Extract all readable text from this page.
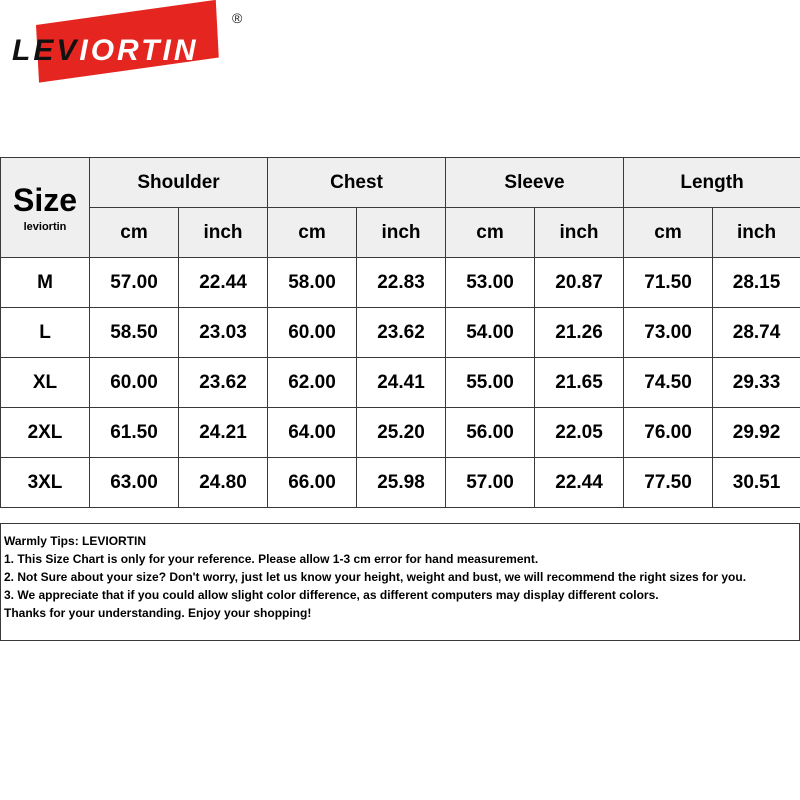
LEVIORTIN
®
Size
leviortin	Shoulder		Chest		Sleeve		Length	
	cm	inch	cm	inch	cm	inch	cm	inch
M	57.00	22.44	58.00	22.83	53.00	20.87	71.50	28.15
L	58.50	23.03	60.00	23.62	54.00	21.26	73.00	28.74
XL	60.00	23.62	62.00	24.41	55.00	21.65	74.50	29.33
2XL	61.50	24.21	64.00	25.20	56.00	22.05	76.00	29.92
3XL	63.00	24.80	66.00	25.98	57.00	22.44	77.50	30.51

Warmly Tips: LEVIORTIN

1. This Size Chart is only for your reference. Please allow 1-3 cm error for hand measurement.

2. Not Sure about your size? Don't worry, just let us know your height, weight and bust, we will recommend the right sizes for you.

3. We appreciate that if you could allow slight color difference, as different computers may display different colors.

Thanks for your understanding. Enjoy your shopping!
